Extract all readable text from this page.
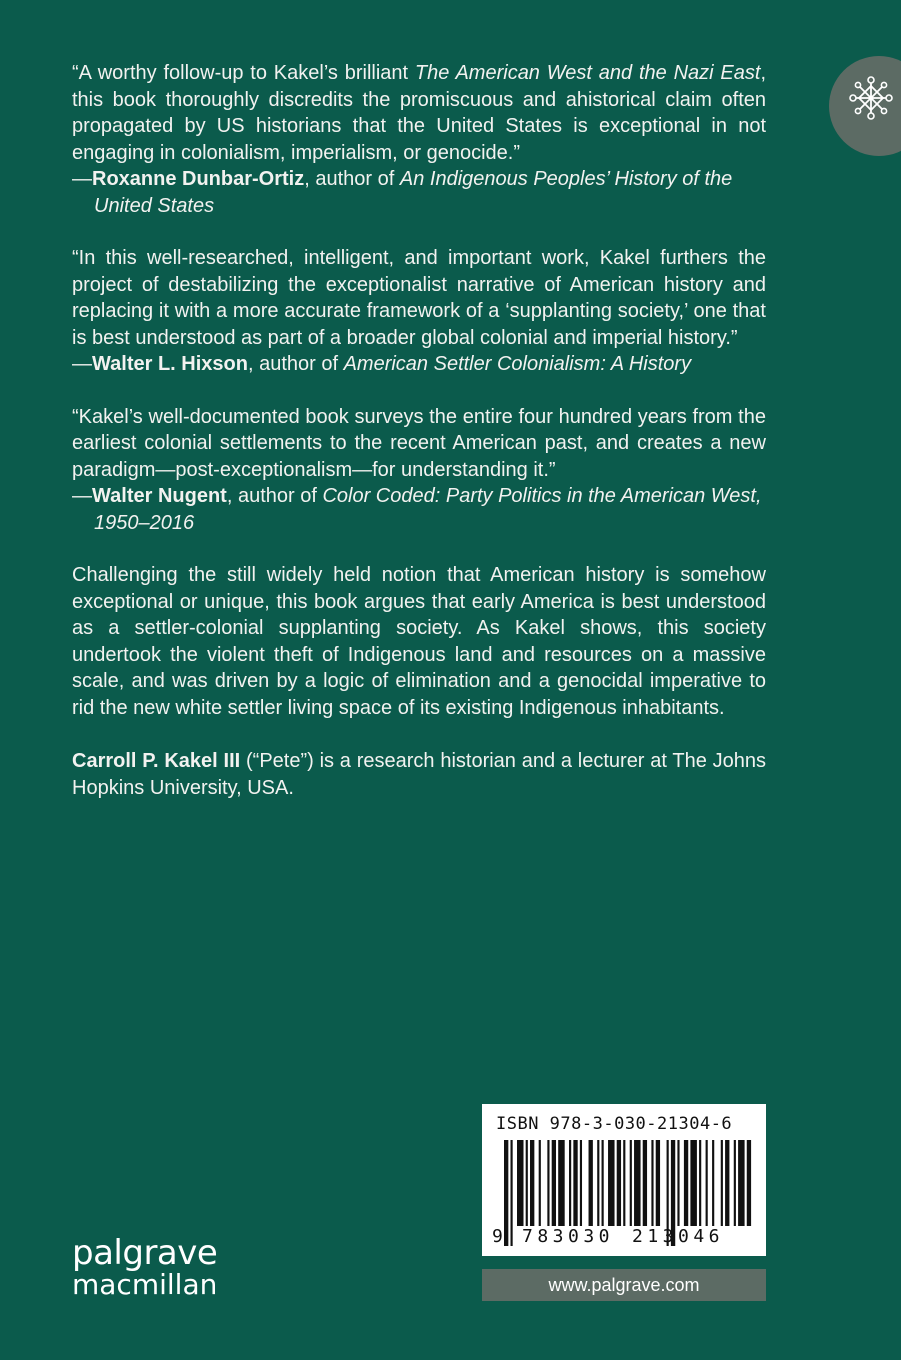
“A worthy follow-up to Kakel’s brilliant The American West and the Nazi East, this book thoroughly discredits the promiscuous and ahistorical claim often propagated by US historians that the United States is exceptional in not engaging in colonialism, imperialism, or genocide.”

—Roxanne Dunbar-Ortiz, author of An Indigenous Peoples’ History of the United States

“In this well-researched, intelligent, and important work, Kakel furthers the project of destabilizing the exceptionalist narrative of American history and replacing it with a more accurate framework of a ‘supplanting society,’ one that is best understood as part of a broader global colonial and imperial history.”

—Walter L. Hixson, author of American Settler Colonialism: A History

“Kakel’s well-documented book surveys the entire four hundred years from the earliest colonial settlements to the recent American past, and creates a new paradigm—post-exceptionalism—for understanding it.”

—Walter Nugent, author of Color Coded: Party Politics in the American West, 1950–2016

Challenging the still widely held notion that American history is somehow exceptional or unique, this book argues that early America is best understood as a settler-colonial supplanting society. As Kakel shows, this society undertook the violent theft of Indigenous land and resources on a massive scale, and was driven by a logic of elimination and a genocidal imperative to rid the new white settler living space of its existing Indigenous inhabitants.

Carroll P. Kakel III (“Pete”) is a research historian and a lecturer at The Johns Hopkins University, USA.

ISBN 978-3-030-21304-6
9 783030 213046
www.palgrave.com
palgrave
macmillan
